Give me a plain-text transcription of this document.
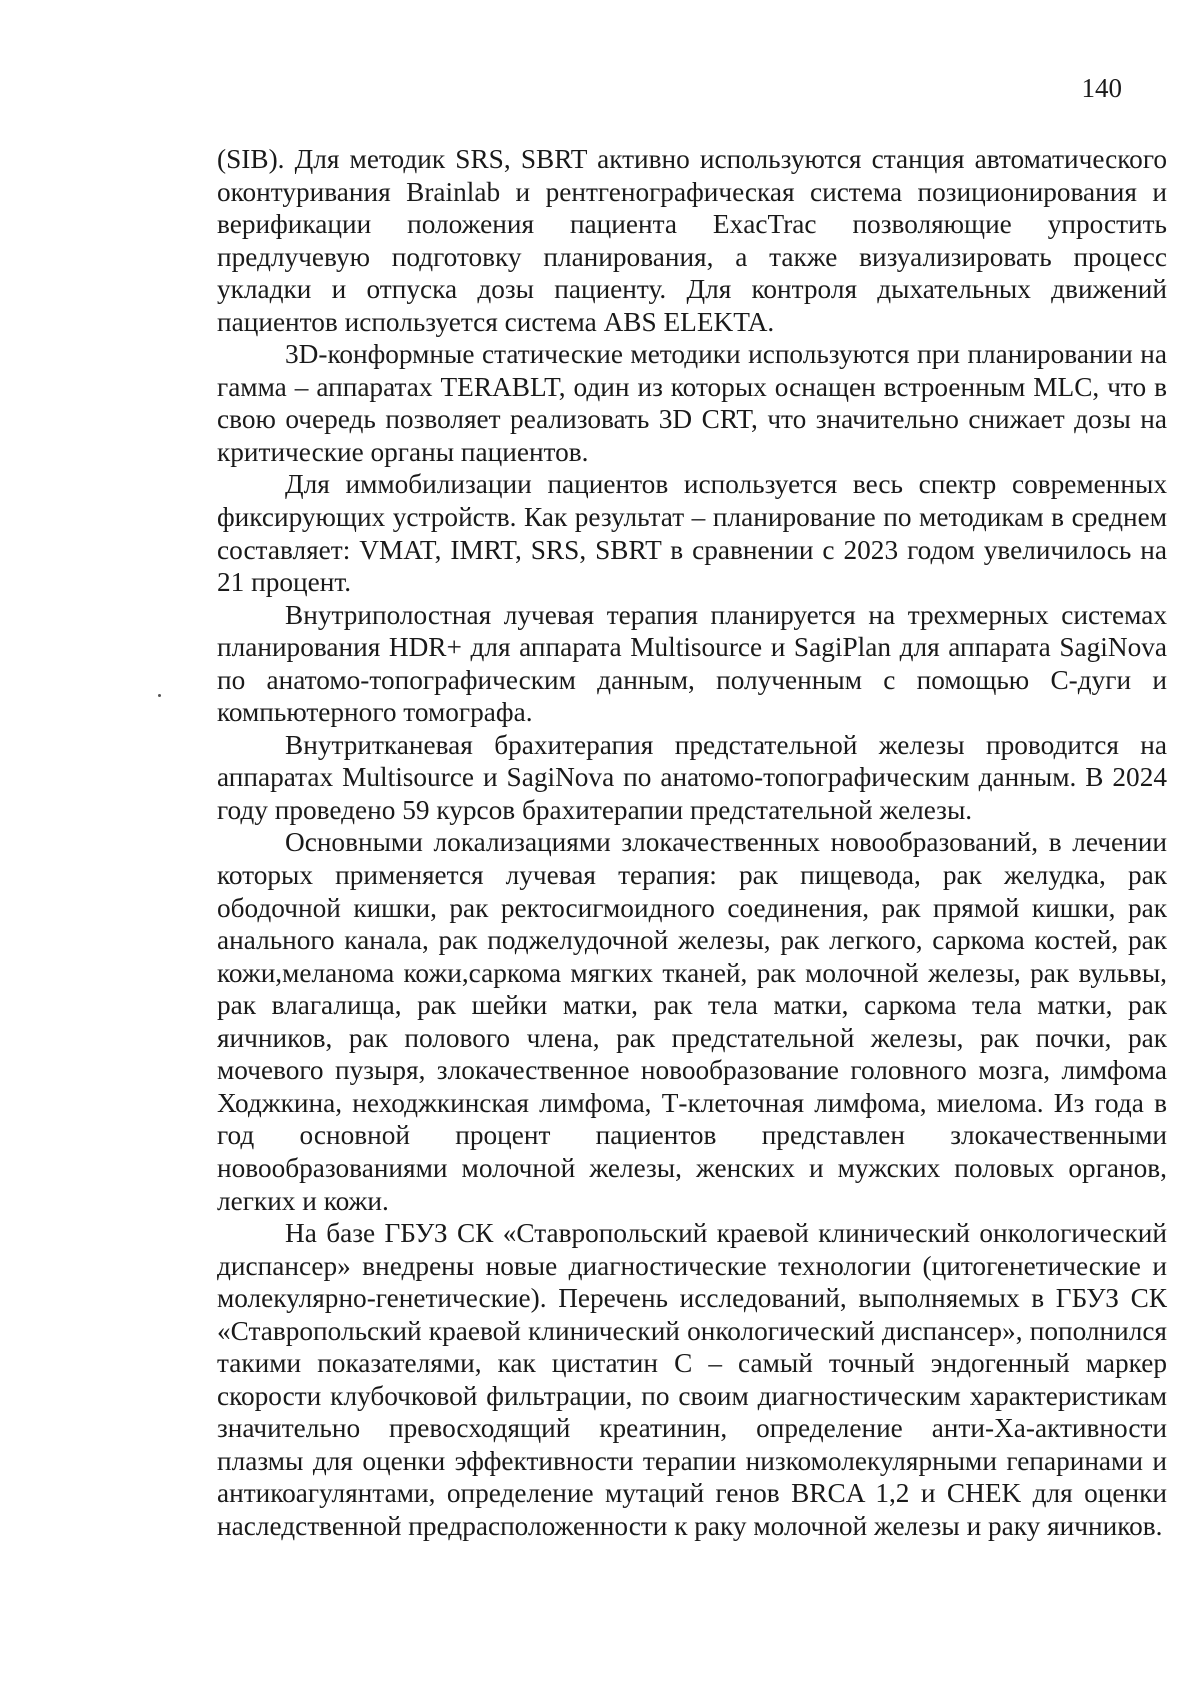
140

(SIB). Для методик SRS, SBRT активно используются станция автоматического оконтуривания Brainlab и рентгенографическая система позиционирования и верификации положения пациента ExacTrac позволяющие упростить предлучевую подготовку планирования, а также визуализировать процесс укладки и отпуска дозы пациенту. Для контроля дыхательных движений пациентов используется система ABS ELEKTA.

3D-конформные статические методики используются при планировании на гамма – аппаратах TERABLT, один из которых оснащен встроенным MLC, что в свою очередь позволяет реализовать 3D CRT, что значительно снижает дозы на критические органы пациентов.

Для иммобилизации пациентов используется весь спектр современных фиксирующих устройств. Как результат – планирование по методикам в среднем составляет: VMAT, IMRT, SRS, SBRT в сравнении с 2023 годом увеличилось на 21 процент.

Внутриполостная лучевая терапия планируется на трехмерных системах планирования HDR+ для аппарата Multisource и SagiPlan для аппарата SagiNova по анатомо-топографическим данным, полученным с помощью С-дуги и компьютерного томографа.

Внутритканевая брахитерапия предстательной железы проводится на аппаратах Multisource и SagiNova по анатомо-топографическим данным. В 2024 году проведено 59 курсов брахитерапии предстательной железы.

Основными локализациями злокачественных новообразований, в лечении которых применяется лучевая терапия: рак пищевода, рак желудка, рак ободочной кишки, рак ректосигмоидного соединения, рак прямой кишки, рак анального канала, рак поджелудочной железы, рак легкого, саркома костей, рак кожи,меланома кожи,саркома мягких тканей, рак молочной железы, рак вульвы, рак влагалища, рак шейки матки, рак тела матки, саркома тела матки, рак яичников, рак полового члена, рак предстательной железы, рак почки, рак мочевого пузыря, злокачественное новообразование головного мозга, лимфома Ходжкина, неходжкинская лимфома, Т-клеточная лимфома, миелома. Из года в год основной процент пациентов представлен злокачественными новообразованиями молочной железы, женских и мужских половых органов, легких и кожи.

На базе ГБУЗ СК «Ставропольский краевой клинический онкологический диспансер» внедрены новые диагностические технологии (цитогенетические и молекулярно-генетические). Перечень исследований, выполняемых в ГБУЗ СК «Ставропольский краевой клинический онкологический диспансер», пополнился такими показателями, как цистатин С – самый точный эндогенный маркер скорости клубочковой фильтрации, по своим диагностическим характеристикам значительно превосходящий креатинин, определение анти-Ха-активности плазмы для оценки эффективности терапии низкомолекулярными гепаринами и антикоагулянтами, определение мутаций генов BRCA 1,2 и CHEK для оценки наследственной предрасположенности к раку молочной железы и раку яичников.
